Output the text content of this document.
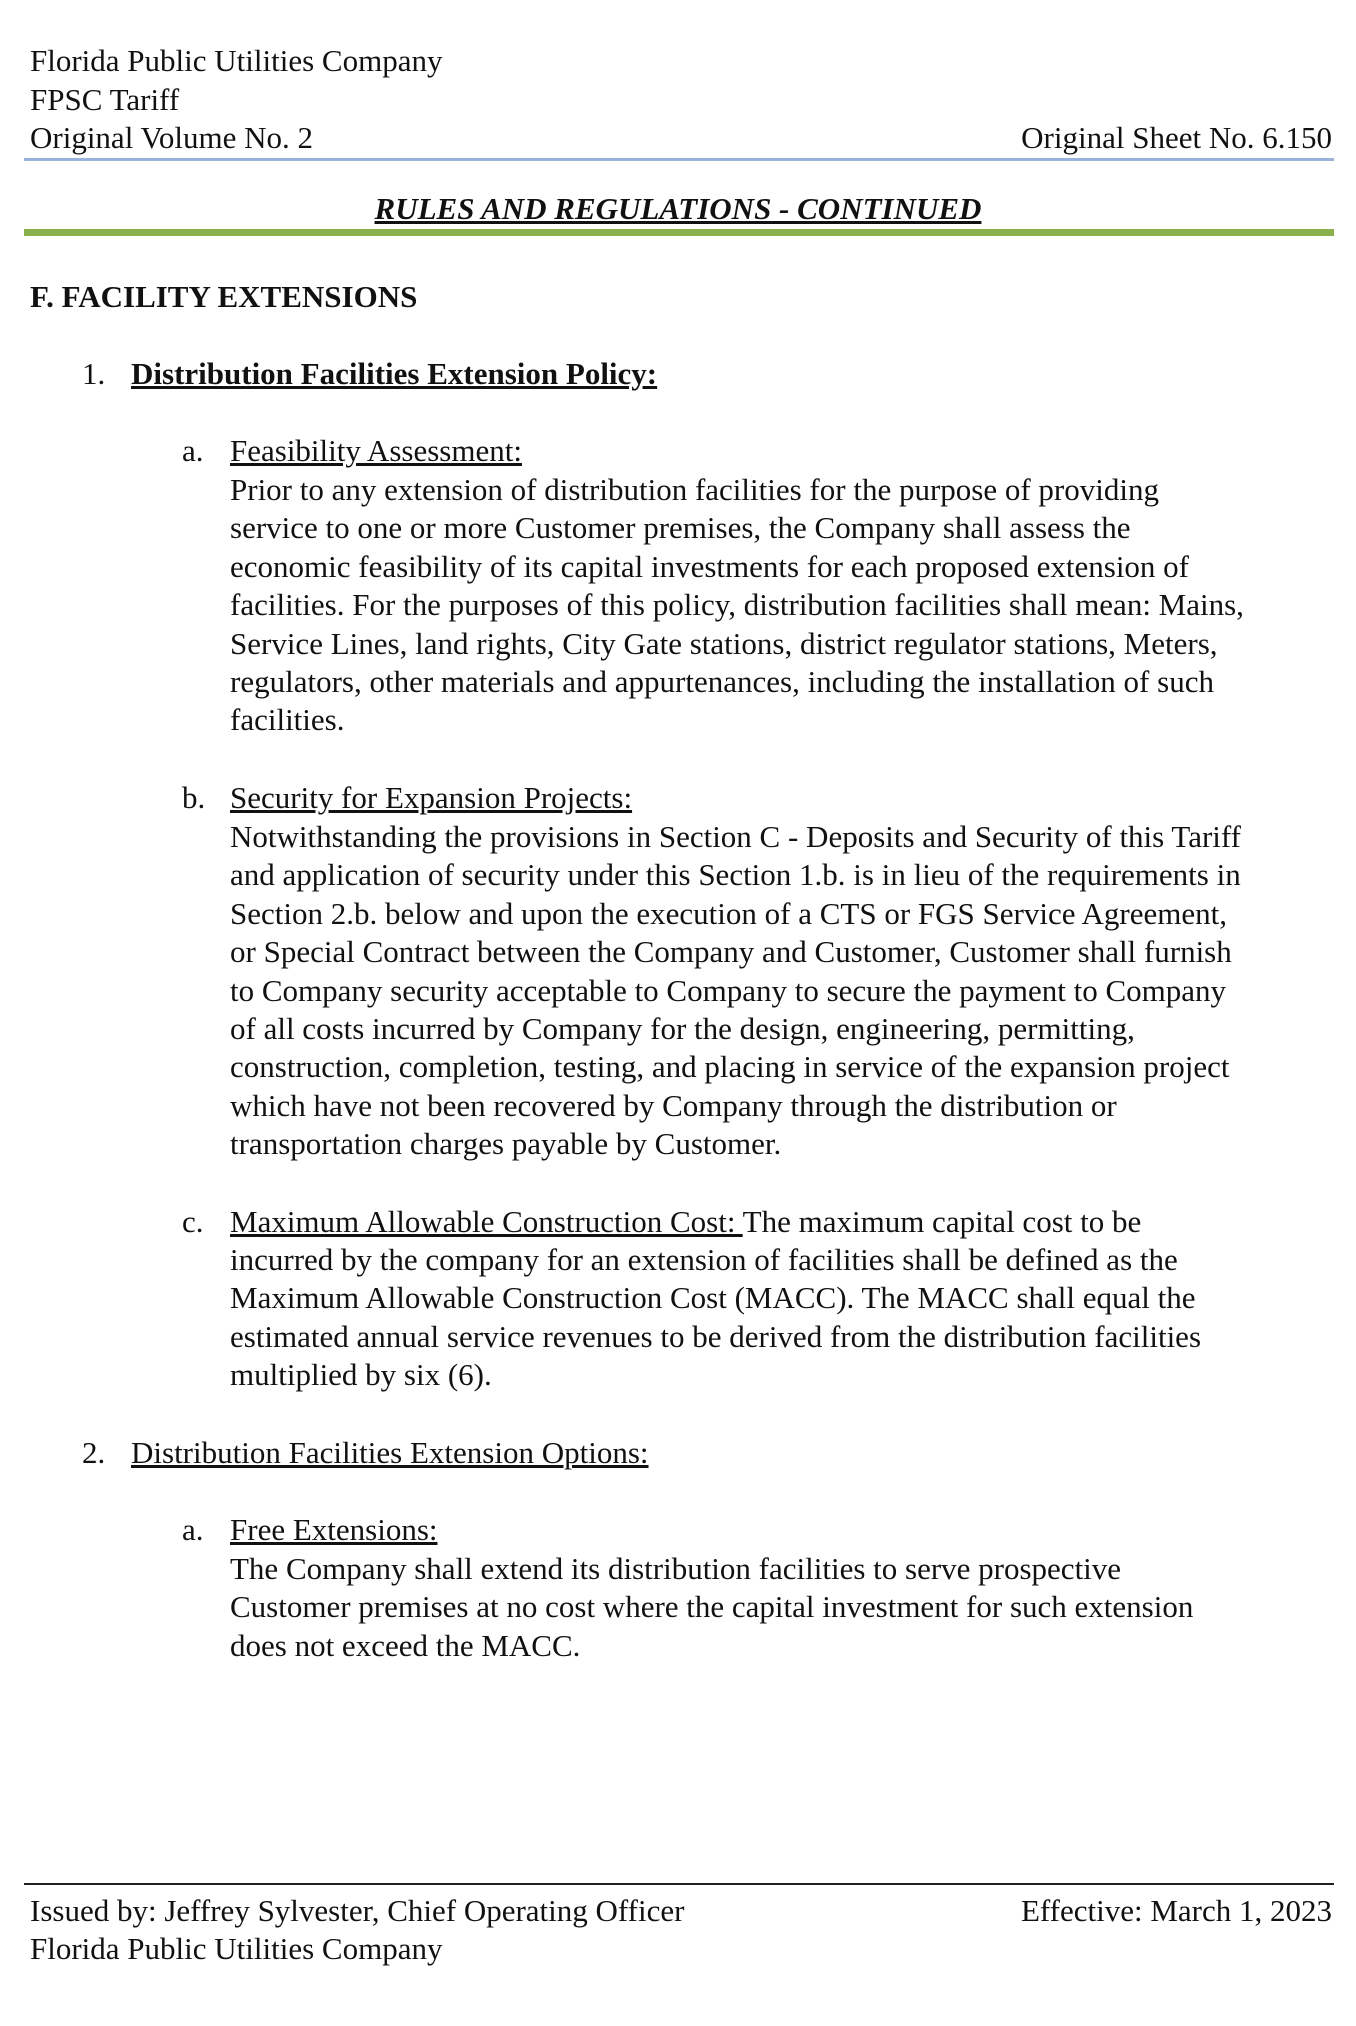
Florida Public Utilities Company
FPSC Tariff
Original Volume No. 2	Original Sheet No. 6.150
RULES AND REGULATIONS - CONTINUED
F. FACILITY EXTENSIONS
1. Distribution Facilities Extension Policy:
a. Feasibility Assessment:
Prior to any extension of distribution facilities for the purpose of providing
service to one or more Customer premises, the Company shall assess the
economic feasibility of its capital investments for each proposed extension of
facilities. For the purposes of this policy, distribution facilities shall mean: Mains,
Service Lines, land rights, City Gate stations, district regulator stations, Meters,
regulators, other materials and appurtenances, including the installation of such
facilities.
b. Security for Expansion Projects:
Notwithstanding the provisions in Section C - Deposits and Security of this Tariff
and application of security under this Section 1.b. is in lieu of the requirements in
Section 2.b. below and upon the execution of a CTS or FGS Service Agreement,
or Special Contract between the Company and Customer, Customer shall furnish
to Company security acceptable to Company to secure the payment to Company
of all costs incurred by Company for the design, engineering, permitting,
construction, completion, testing, and placing in service of the expansion project
which have not been recovered by Company through the distribution or
transportation charges payable by Customer.
c. Maximum Allowable Construction Cost: The maximum capital cost to be
incurred by the company for an extension of facilities shall be defined as the
Maximum Allowable Construction Cost (MACC). The MACC shall equal the
estimated annual service revenues to be derived from the distribution facilities
multiplied by six (6).
2. Distribution Facilities Extension Options:
a. Free Extensions:
The Company shall extend its distribution facilities to serve prospective
Customer premises at no cost where the capital investment for such extension
does not exceed the MACC.
Issued by: Jeffrey Sylvester, Chief Operating Officer	Effective: March 1, 2023
Florida Public Utilities Company
